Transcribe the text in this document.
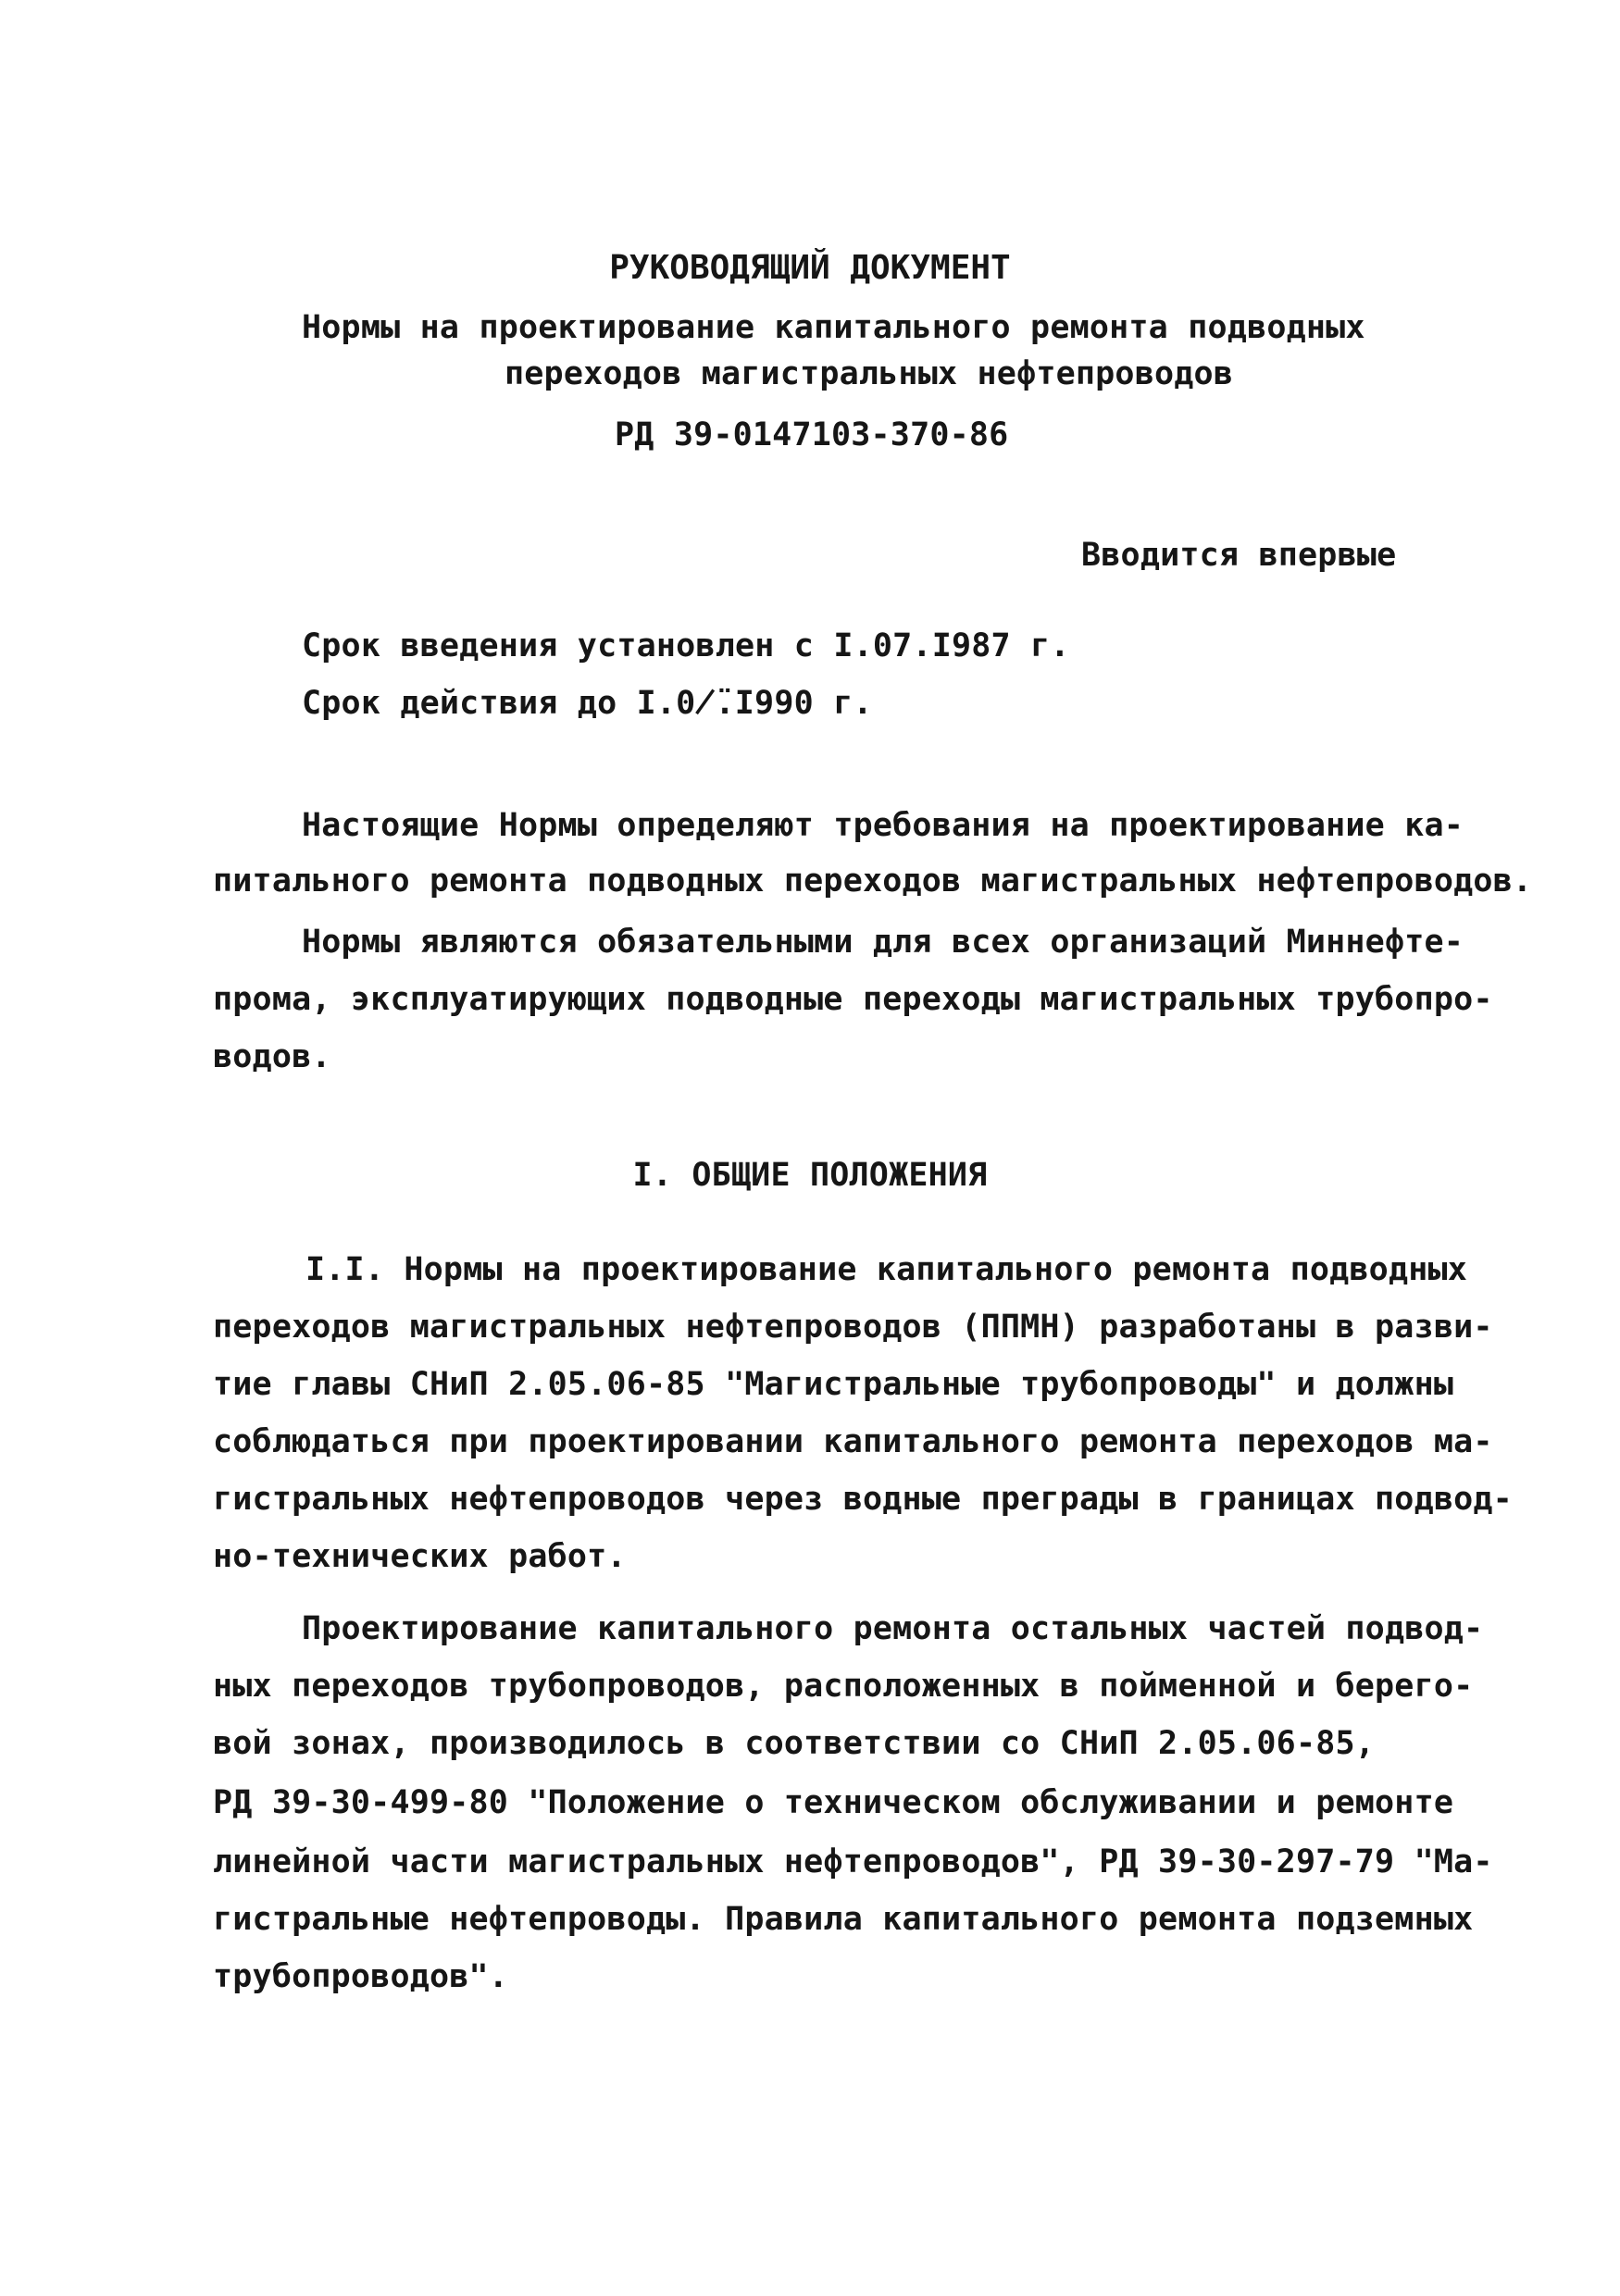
РУКОВОДЯЩИЙ ДОКУМЕНТ

Нормы на проектирование капитального ремонта подводных

переходов магистральных нефтепроводов

РД 39-0147103-370-86

Вводится впервые

Срок введения установлен с I.07.I987 г.

Срок действия до I.0̸̈.I990 г.

Настоящие Нормы определяют требования на проектирование ка-

питального ремонта подводных переходов магистральных нефтепроводов.

Нормы являются обязательными для всех организаций Миннефте-

прома, эксплуатирующих подводные переходы магистральных трубопро-

водов.

I. ОБЩИЕ ПОЛОЖЕНИЯ

I.I. Нормы на проектирование капитального ремонта подводных

переходов магистральных нефтепроводов (ППМН) разработаны в разви-

тие главы СНиП 2.05.06-85 "Магистральные трубопроводы" и должны

соблюдаться при проектировании капитального ремонта переходов ма-

гистральных нефтепроводов через водные преграды в границах подвод-

но-технических работ.

Проектирование капитального ремонта остальных частей подвод-

ных переходов трубопроводов, расположенных в пойменной и берего-

вой зонах, производилось в соответствии со СНиП 2.05.06-85,

РД 39-30-499-80 "Положение о техническом обслуживании и ремонте

линейной части магистральных нефтепроводов", РД 39-30-297-79 "Ма-

гистральные нефтепроводы. Правила капитального ремонта подземных

трубопроводов".
